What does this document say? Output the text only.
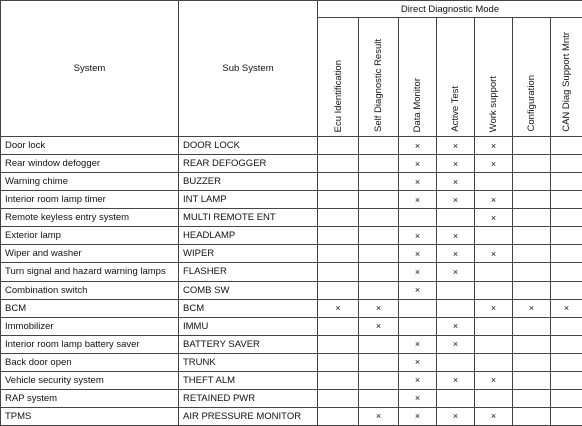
System	Sub System	Direct Diagnostic Mode						

		Ecu Identification	Self Diagnostic Result	Data Monitor	Active Test	Work support	Configuration	CAN Diag Support Mntr

Door lock	DOOR LOCK			×	×	×		
Rear window defogger	REAR DEFOGGER			×	×	×		
Warning chime	BUZZER			×	×			
Interior room lamp timer	INT LAMP			×	×	×		
Remote keyless entry system	MULTI REMOTE ENT					×		
Exterior lamp	HEADLAMP			×	×			
Wiper and washer	WIPER			×	×	×		
Turn signal and hazard warning lamps	FLASHER			×	×			
Combination switch	COMB SW			×				
BCM	BCM	×	×			×	×	×
Immobilizer	IMMU		×		×			
Interior room lamp battery saver	BATTERY SAVER			×	×			
Back door open	TRUNK			×				
Vehicle security system	THEFT ALM			×	×	×		
RAP system	RETAINED PWR			×				
TPMS	AIR PRESSURE MONITOR		×	×	×	×		
